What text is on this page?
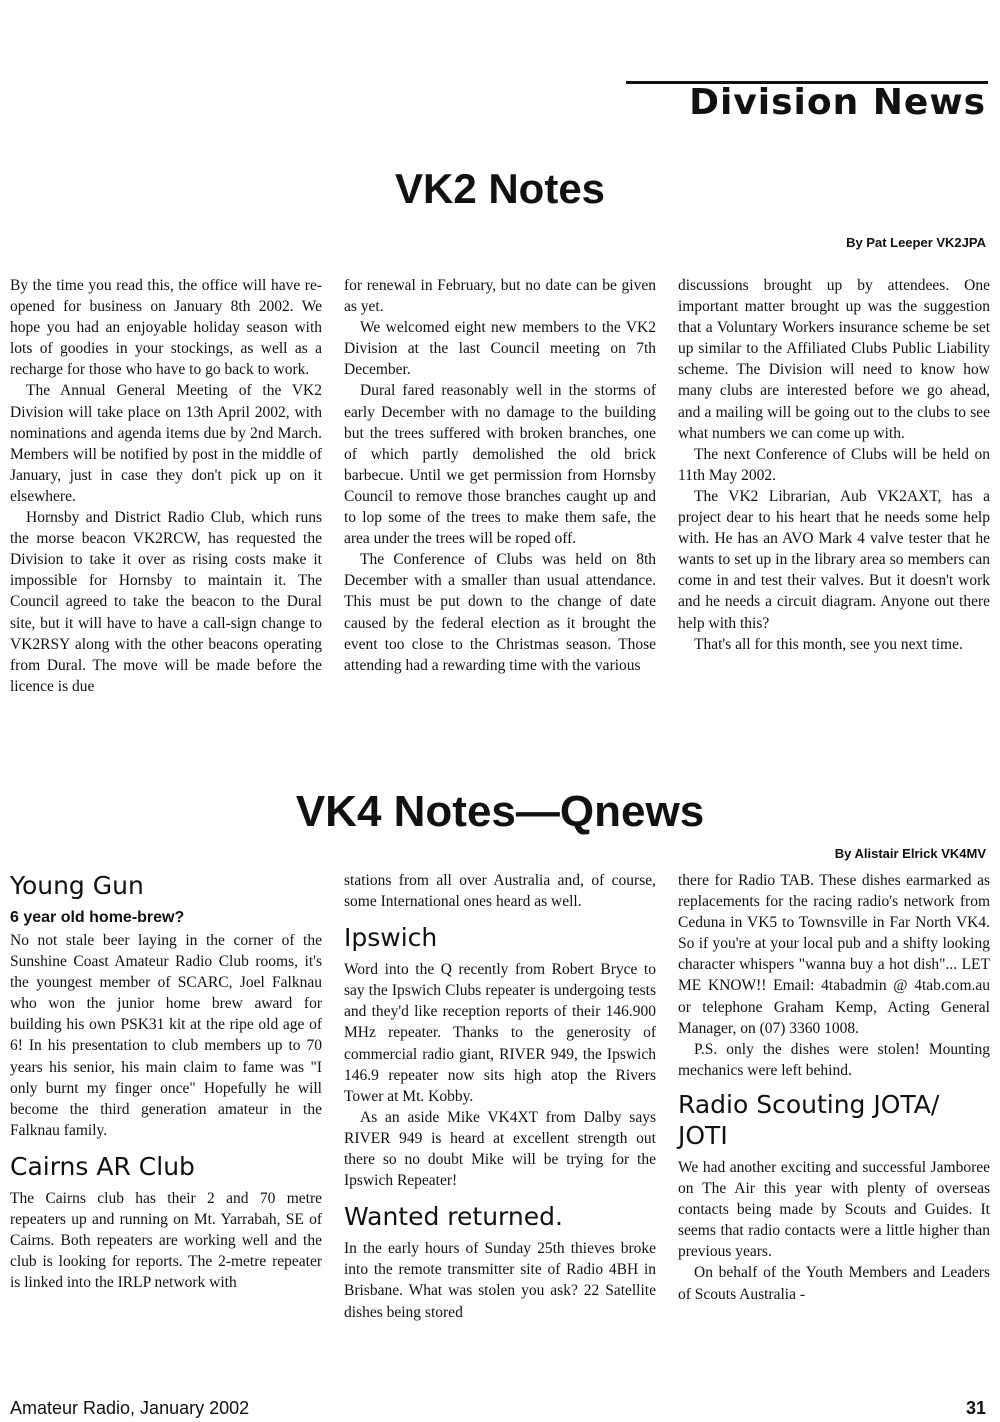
Division News
VK2 Notes
By Pat Leeper VK2JPA

By the time you read this, the office will have re-opened for business on January 8th 2002. We hope you had an enjoyable holiday season with lots of goodies in your stockings, as well as a recharge for those who have to go back to work.

The Annual General Meeting of the VK2 Division will take place on 13th April 2002, with nominations and agenda items due by 2nd March. Members will be notified by post in the middle of January, just in case they don't pick up on it elsewhere.

Hornsby and District Radio Club, which runs the morse beacon VK2RCW, has requested the Division to take it over as rising costs make it impossible for Hornsby to maintain it. The Council agreed to take the beacon to the Dural site, but it will have to have a call-sign change to VK2RSY along with the other beacons operating from Dural. The move will be made before the licence is due

for renewal in February, but no date can be given as yet.

We welcomed eight new members to the VK2 Division at the last Council meeting on 7th December.

Dural fared reasonably well in the storms of early December with no damage to the building but the trees suffered with broken branches, one of which partly demolished the old brick barbecue. Until we get permission from Hornsby Council to remove those branches caught up and to lop some of the trees to make them safe, the area under the trees will be roped off.

The Conference of Clubs was held on 8th December with a smaller than usual attendance. This must be put down to the change of date caused by the federal election as it brought the event too close to the Christmas season. Those attending had a rewarding time with the various

discussions brought up by attendees. One important matter brought up was the suggestion that a Voluntary Workers insurance scheme be set up similar to the Affiliated Clubs Public Liability scheme. The Division will need to know how many clubs are interested before we go ahead, and a mailing will be going out to the clubs to see what numbers we can come up with.

The next Conference of Clubs will be held on 11th May 2002.

The VK2 Librarian, Aub VK2AXT, has a project dear to his heart that he needs some help with. He has an AVO Mark 4 valve tester that he wants to set up in the library area so members can come in and test their valves. But it doesn't work and he needs a circuit diagram. Anyone out there help with this?

That's all for this month, see you next time.

VK4 Notes—Qnews
By Alistair Elrick VK4MV
Young Gun
6 year old home-brew?

No not stale beer laying in the corner of the Sunshine Coast Amateur Radio Club rooms, it's the youngest member of SCARC, Joel Falknau who won the junior home brew award for building his own PSK31 kit at the ripe old age of 6! In his presentation to club members up to 70 years his senior, his main claim to fame was "I only burnt my finger once" Hopefully he will become the third generation amateur in the Falknau family.

Cairns AR Club

The Cairns club has their 2 and 70 metre repeaters up and running on Mt. Yarrabah, SE of Cairns. Both repeaters are working well and the club is looking for reports. The 2-metre repeater is linked into the IRLP network with

stations from all over Australia and, of course, some International ones heard as well.

Ipswich

Word into the Q recently from Robert Bryce to say the Ipswich Clubs repeater is undergoing tests and they'd like reception reports of their 146.900 MHz repeater. Thanks to the generosity of commercial radio giant, RIVER 949, the Ipswich 146.9 repeater now sits high atop the Rivers Tower at Mt. Kobby.

As an aside Mike VK4XT from Dalby says RIVER 949 is heard at excellent strength out there so no doubt Mike will be trying for the Ipswich Repeater!

Wanted returned.

In the early hours of Sunday 25th thieves broke into the remote transmitter site of Radio 4BH in Brisbane. What was stolen you ask? 22 Satellite dishes being stored

there for Radio TAB. These dishes earmarked as replacements for the racing radio's network from Ceduna in VK5 to Townsville in Far North VK4. So if you're at your local pub and a shifty looking character whispers "wanna buy a hot dish"... LET ME KNOW!! Email: 4tabadmin @ 4tab.com.au or telephone Graham Kemp, Acting General Manager, on (07) 3360 1008.

P.S. only the dishes were stolen! Mounting mechanics were left behind.

Radio Scouting JOTA/ JOTI

We had another exciting and successful Jamboree on The Air this year with plenty of overseas contacts being made by Scouts and Guides. It seems that radio contacts were a little higher than previous years.

On behalf of the Youth Members and Leaders of Scouts Australia -

Amateur Radio, January 2002	31
